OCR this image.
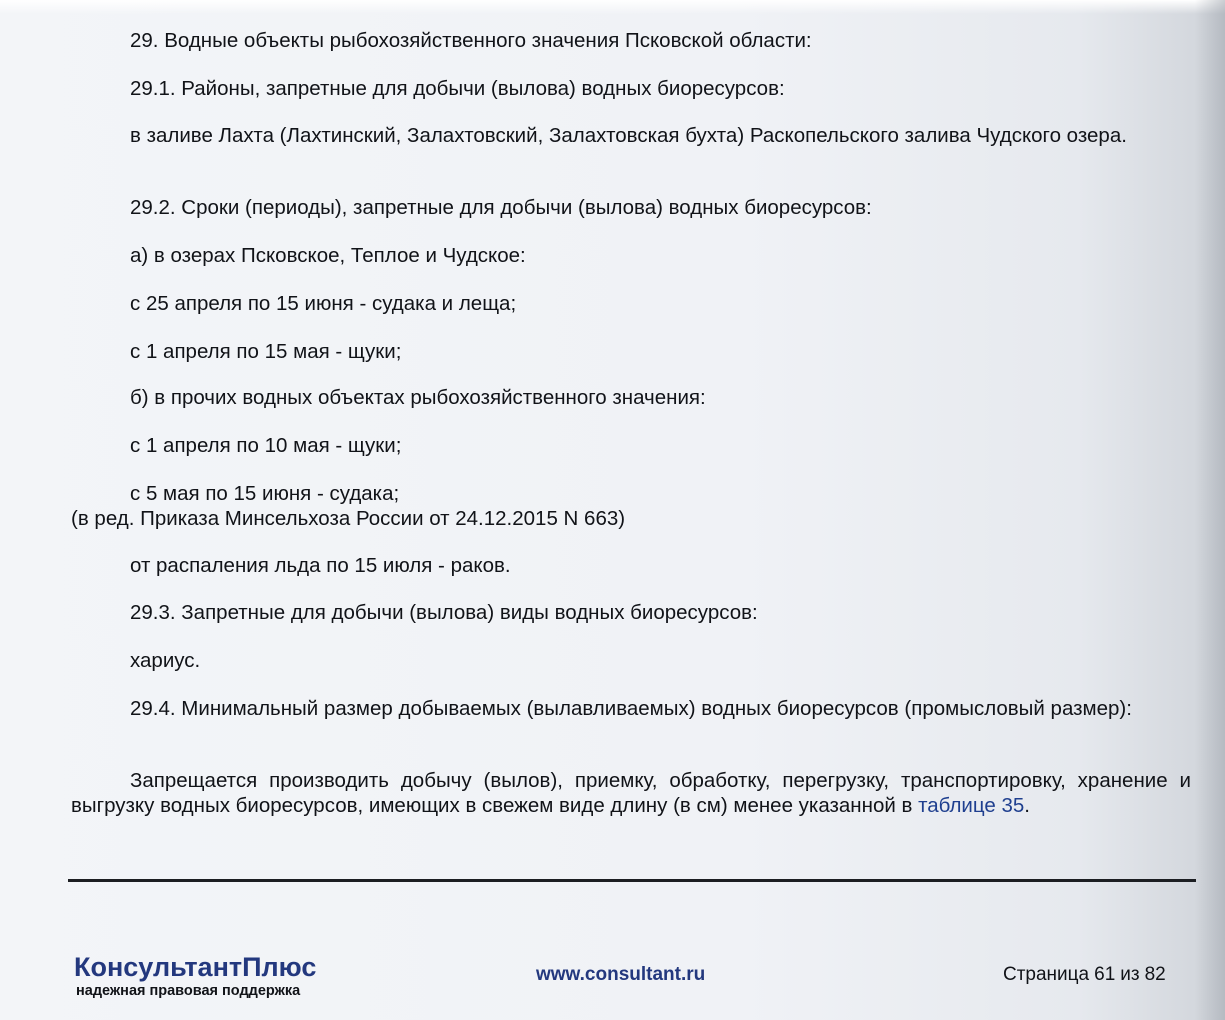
29. Водные объекты рыбохозяйственного значения Псковской области:

29.1. Районы, запретные для добычи (вылова) водных биоресурсов:

в заливе Лахта (Лахтинский, Залахтовский, Залахтовская бухта) Раскопельского залива Чудского озера.

29.2. Сроки (периоды), запретные для добычи (вылова) водных биоресурсов:

а) в озерах Псковское, Теплое и Чудское:

с 25 апреля по 15 июня - судака и леща;

с 1 апреля по 15 мая - щуки;

б) в прочих водных объектах рыбохозяйственного значения:

с 1 апреля по 10 мая - щуки;

с 5 мая по 15 июня - судака;

(в ред. Приказа Минсельхоза России от 24.12.2015 N 663)

от распаления льда по 15 июля - раков.

29.3. Запретные для добычи (вылова) виды водных биоресурсов:

хариус.

29.4. Минимальный размер добываемых (вылавливаемых) водных биоресурсов (промысловый размер):

Запрещается производить добычу (вылов), приемку, обработку, перегрузку, транспортировку, хранение и выгрузку водных биоресурсов, имеющих в свежем виде длину (в см) менее указанной в таблице 35.

КонсультантПлюс
надежная правовая поддержка
www.consultant.ru	Страница 61 из 82
